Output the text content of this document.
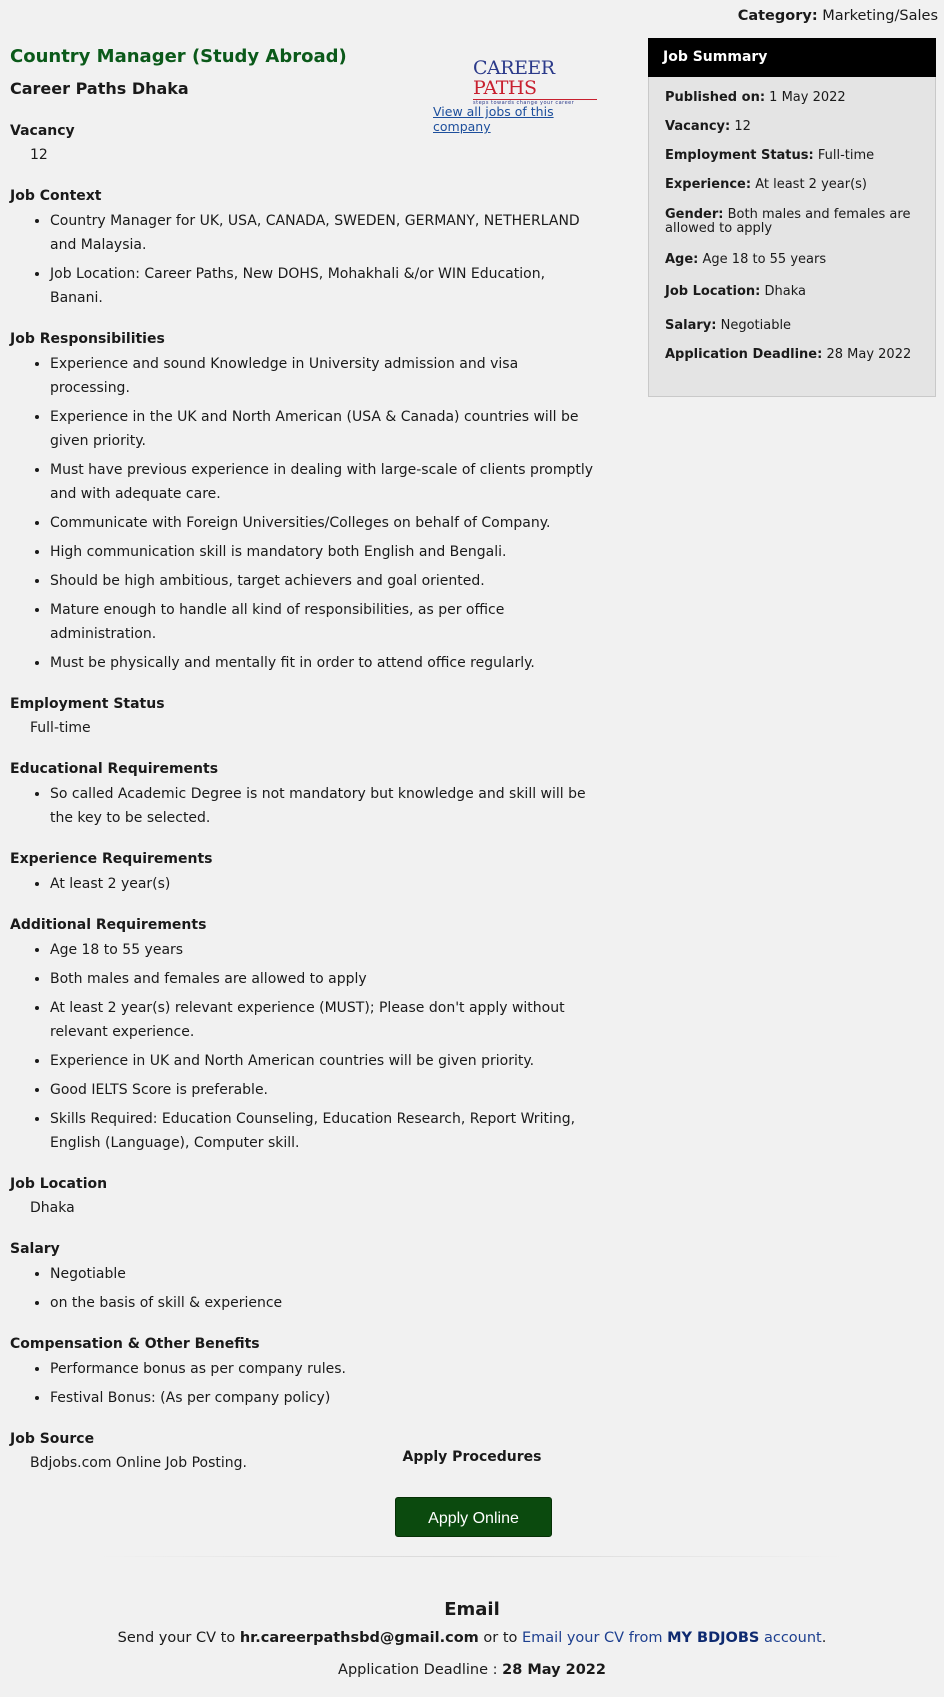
Category: Marketing/Sales
Country Manager (Study Abroad)
Career Paths Dhaka
CAREER PATHS
steps towards change your career
View all jobs of this company
Vacancy
12
Job Context
• Country Manager for UK, USA, CANADA, SWEDEN, GERMANY, NETHERLAND and Malaysia.
• Job Location: Career Paths, New DOHS, Mohakhali &/or WIN Education, Banani.
Job Responsibilities
• Experience and sound Knowledge in University admission and visa processing.
• Experience in the UK and North American (USA & Canada) countries will be given priority.
• Must have previous experience in dealing with large-scale of clients promptly and with adequate care.
• Communicate with Foreign Universities/Colleges on behalf of Company.
• High communication skill is mandatory both English and Bengali.
• Should be high ambitious, target achievers and goal oriented.
• Mature enough to handle all kind of responsibilities, as per office administration.
• Must be physically and mentally fit in order to attend office regularly.
Employment Status
Full-time
Educational Requirements
• So called Academic Degree is not mandatory but knowledge and skill will be the key to be selected.
Experience Requirements
• At least 2 year(s)
Additional Requirements
• Age 18 to 55 years
• Both males and females are allowed to apply
• At least 2 year(s) relevant experience (MUST); Please don't apply without relevant experience.
• Experience in UK and North American countries will be given priority.
• Good IELTS Score is preferable.
• Skills Required: Education Counseling, Education Research, Report Writing, English (Language), Computer skill.
Job Location
Dhaka
Salary
• Negotiable
• on the basis of skill & experience
Compensation & Other Benefits
• Performance bonus as per company rules.
• Festival Bonus: (As per company policy)
Job Source
Bdjobs.com Online Job Posting.
Job Summary
Published on: 1 May 2022
Vacancy: 12
Employment Status: Full-time
Experience: At least 2 year(s)
Gender: Both males and females are allowed to apply
Age: Age 18 to 55 years
Job Location: Dhaka
Salary: Negotiable
Application Deadline: 28 May 2022
Apply Procedures
Apply Online
Email
Send your CV to hr.careerpathsbd@gmail.com or to Email your CV from MY BDJOBS account.
Application Deadline : 28 May 2022
